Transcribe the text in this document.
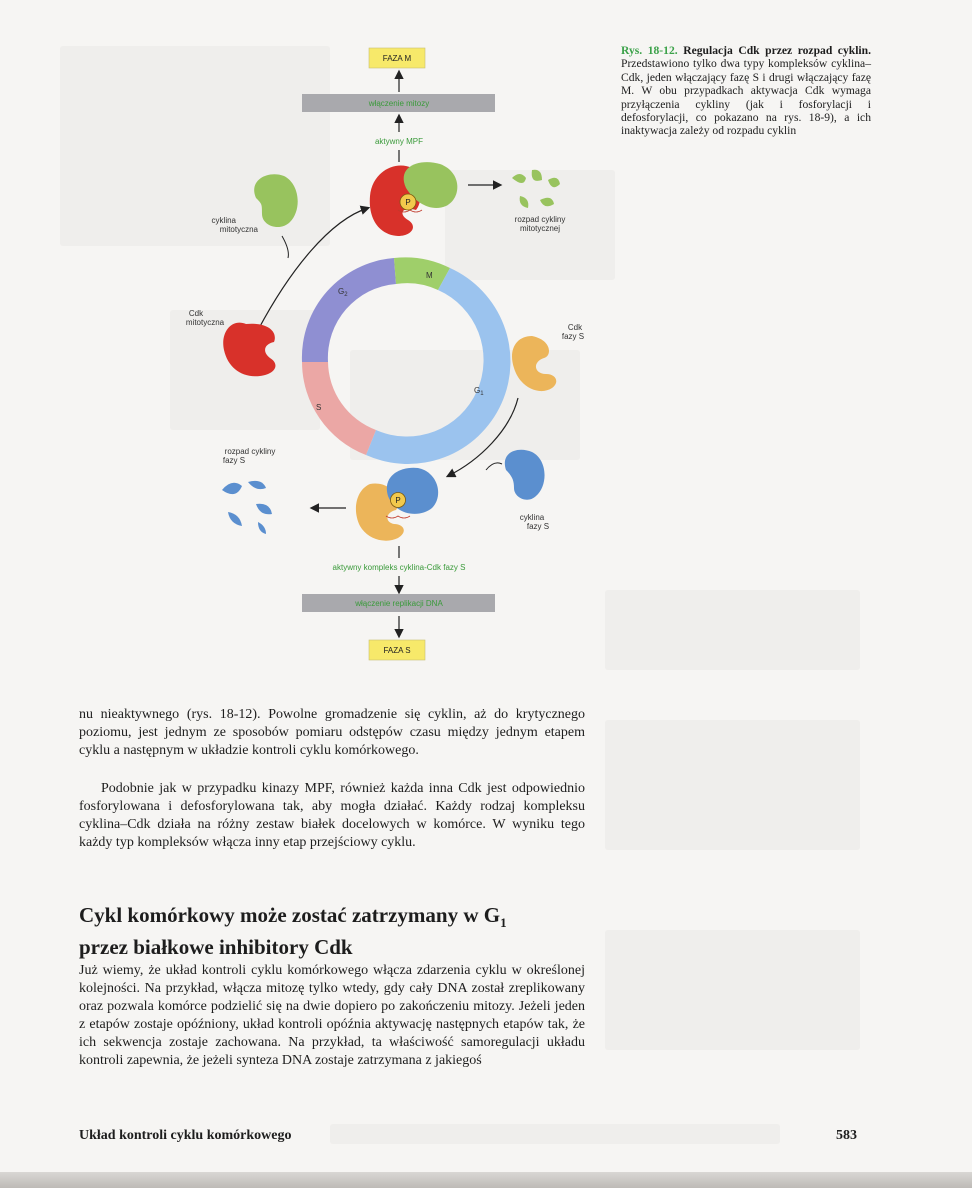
FAZA M
włączenie mitozy
aktywny MPF
P
rozpad cykliny
mitotycznej
cyklina
mitotyczna
Cdk
mitotyczna
$G_2$
M
$G_1$
S
Cdk
fazy S
P
rozpad cykliny
fazy S
cyklina
fazy S
aktywny kompleks cyklina-Cdk fazy S
włączenie replikacji DNA
FAZA S
Rys. 18-12. Regulacja Cdk przez rozpad cyklin. Przedstawiono tylko dwa typy kompleksów cyklina–Cdk, jeden włączający fazę S i drugi włączający fazę M. W obu przypadkach aktywacja Cdk wymaga przyłączenia cykliny (jak i fosforylacji i defosforylacji, co pokazano na rys. 18-9), a ich inaktywacja zależy od rozpadu cyklin

nu nieaktywnego (rys. 18-12). Powolne gromadzenie się cyklin, aż do krytycznego poziomu, jest jednym ze sposobów pomiaru odstępów czasu między jednym etapem cyklu a następnym w układzie kontroli cyklu komórkowego.

Podobnie jak w przypadku kinazy MPF, również każda inna Cdk jest odpowiednio fosforylowana i defosforylowana tak, aby mogła działać. Każdy rodzaj kompleksu cyklina–Cdk działa na różny zestaw białek docelowych w komórce. W wyniku tego każdy typ kompleksów włącza inny etap przejściowy cyklu.

Cykl komórkowy może zostać zatrzymany w $G_1$
przez białkowe inhibitory Cdk

Już wiemy, że układ kontroli cyklu komórkowego włącza zdarzenia cyklu w określonej kolejności. Na przykład, włącza mitozę tylko wtedy, gdy cały DNA został zreplikowany oraz pozwala komórce podzielić się na dwie dopiero po zakończeniu mitozy. Jeżeli jeden z etapów zostaje opóźniony, układ kontroli opóźnia aktywację następnych etapów tak, że ich sekwencja zostaje zachowana. Na przykład, ta właściwość samoregulacji układu kontroli zapewnia, że jeżeli synteza DNA zostaje zatrzymana z jakiegoś

Układ kontroli cyklu komórkowego	583
